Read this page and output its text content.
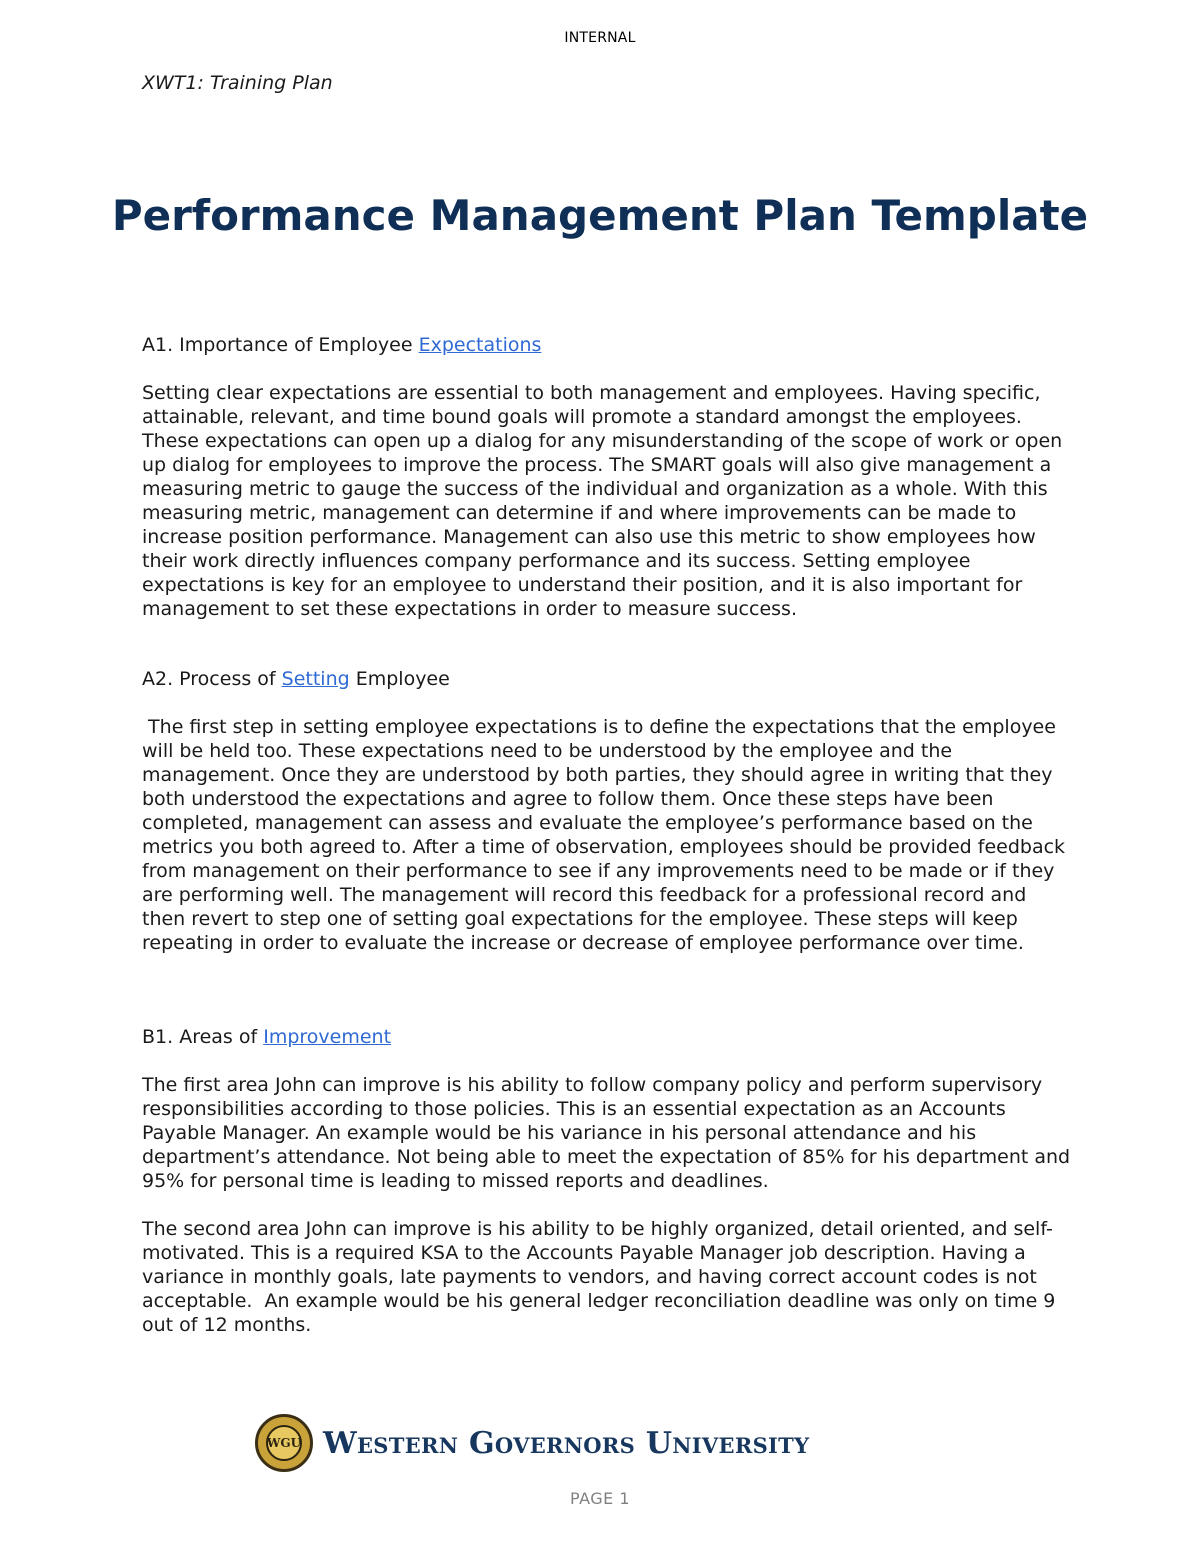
INTERNAL
XWT1: Training Plan
Performance Management Plan Template
A1. Importance of Employee Expectations

Setting clear expectations are essential to both management and employees. Having specific, attainable, relevant, and time bound goals will promote a standard amongst the employees. These expectations can open up a dialog for any misunderstanding of the scope of work or open up dialog for employees to improve the process. The SMART goals will also give management a measuring metric to gauge the success of the individual and organization as a whole. With this measuring metric, management can determine if and where improvements can be made to increase position performance. Management can also use this metric to show employees how their work directly influences company performance and its success. Setting employee expectations is key for an employee to understand their position, and it is also important for management to set these expectations in order to measure success.

A2. Process of Setting Employee

The first step in setting employee expectations is to define the expectations that the employee will be held too. These expectations need to be understood by the employee and the management. Once they are understood by both parties, they should agree in writing that they both understood the expectations and agree to follow them. Once these steps have been completed, management can assess and evaluate the employee’s performance based on the metrics you both agreed to. After a time of observation, employees should be provided feedback from management on their performance to see if any improvements need to be made or if they are performing well. The management will record this feedback for a professional record and then revert to step one of setting goal expectations for the employee. These steps will keep repeating in order to evaluate the increase or decrease of employee performance over time.

B1. Areas of Improvement

The first area John can improve is his ability to follow company policy and perform supervisory responsibilities according to those policies. This is an essential expectation as an Accounts Payable Manager. An example would be his variance in his personal attendance and his department’s attendance. Not being able to meet the expectation of 85% for his department and 95% for personal time is leading to missed reports and deadlines.

The second area John can improve is his ability to be highly organized, detail oriented, and self-motivated. This is a required KSA to the Accounts Payable Manager job description. Having a variance in monthly goals, late payments to vendors, and having correct account codes is not acceptable.  An example would be his general ledger reconciliation deadline was only on time 9 out of 12 months.

WGU Western Governors University
PAGE 1
